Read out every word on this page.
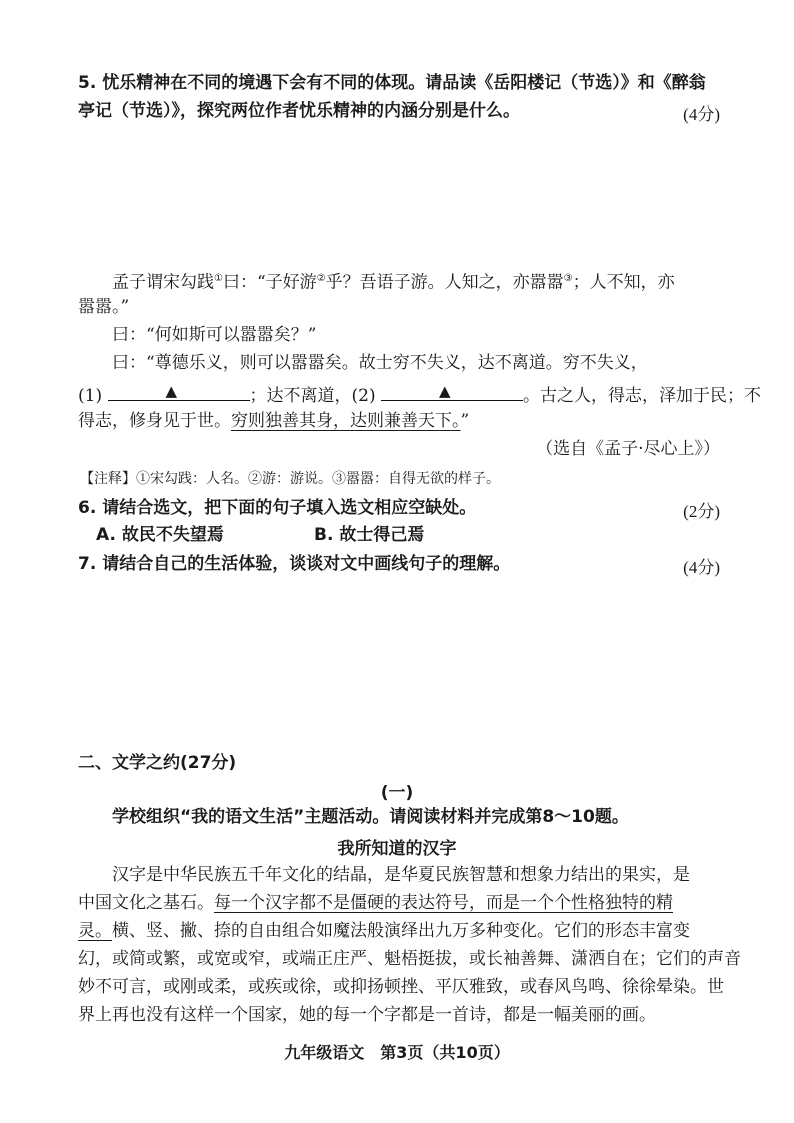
5. 忧乐精神在不同的境遇下会有不同的体现。请品读《岳阳楼记（节选）》和《醉翁
亭记（节选）》，探究两位作者忧乐精神的内涵分别是什么。	(4分)
孟子谓宋勾践①曰：“子好游②乎？吾语子游。人知之，亦嚣嚣③；人不知，亦
嚣嚣。”
曰：“何如斯可以嚣嚣矣？”
曰：“尊德乐义，则可以嚣嚣矣。故士穷不失义，达不离道。穷不失义，
(1)	▲	；达不离道，(2)	▲	。古之人，得志，泽加于民；不
得志，修身见于世。穷则独善其身，达则兼善天下。”
（选自《孟子·尽心上》）
【注释】①宋勾践：人名。②游：游说。③嚣嚣：自得无欲的样子。
6. 请结合选文，把下面的句子填入选文相应空缺处。	(2分)
A. 故民不失望焉	B. 故士得己焉
7. 请结合自己的生活体验，谈谈对文中画线句子的理解。	(4分)
二、文学之约(27分)
(一)
学校组织“我的语文生活”主题活动。请阅读材料并完成第8～10题。
我所知道的汉字
汉字是中华民族五千年文化的结晶，是华夏民族智慧和想象力结出的果实，是
中国文化之基石。每一个汉字都不是僵硬的表达符号，而是一个个性格独特的精
灵。横、竖、撇、捺的自由组合如魔法般演绎出九万多种变化。它们的形态丰富变
幻，或简或繁，或宽或窄，或端正庄严、魁梧挺拔，或长袖善舞、潇洒自在；它们的声音
妙不可言，或刚或柔，或疾或徐，或抑扬顿挫、平仄雅致，或春风鸟鸣、徐徐晕染。世
界上再也没有这样一个国家，她的每一个字都是一首诗，都是一幅美丽的画。
九年级语文　第3页（共10页）
